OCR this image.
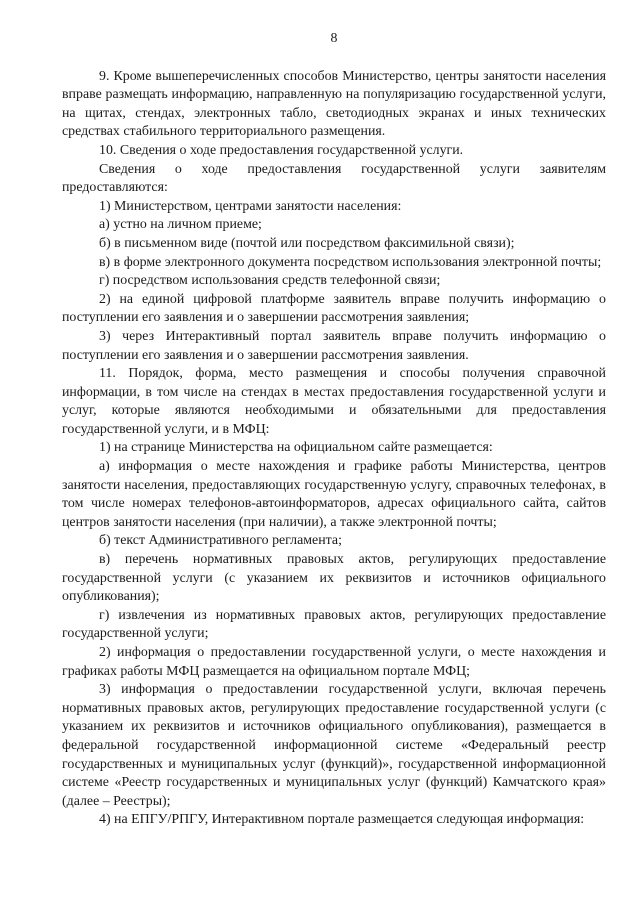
8

9. Кроме вышеперечисленных способов Министерство, центры занятости населения вправе размещать информацию, направленную на популяризацию государственной услуги, на щитах, стендах, электронных табло, светодиодных экранах и иных технических средствах стабильного территориального размещения.

10. Сведения о ходе предоставления государственной услуги.

Сведения о ходе предоставления государственной услуги заявителям предоставляются:

1) Министерством, центрами занятости населения:

а) устно на личном приеме;

б) в письменном виде (почтой или посредством факсимильной связи);

в) в форме электронного документа посредством использования электронной почты;

г) посредством использования средств телефонной связи;

2) на единой цифровой платформе заявитель вправе получить информацию о поступлении его заявления и о завершении рассмотрения заявления;

3) через Интерактивный портал заявитель вправе получить информацию о поступлении его заявления и о завершении рассмотрения заявления.

11. Порядок, форма, место размещения и способы получения справочной информации, в том числе на стендах в местах предоставления государственной услуги и услуг, которые являются необходимыми и обязательными для предоставления государственной услуги, и в МФЦ:

1) на странице Министерства на официальном сайте размещается:

а) информация о месте нахождения и графике работы Министерства, центров занятости населения, предоставляющих государственную услугу, справочных телефонах, в том числе номерах телефонов-автоинформаторов, адресах официального сайта, сайтов центров занятости населения (при наличии), а также электронной почты;

б) текст Административного регламента;

в) перечень нормативных правовых актов, регулирующих предоставление государственной услуги (с указанием их реквизитов и источников официального опубликования);

г) извлечения из нормативных правовых актов, регулирующих предоставление государственной услуги;

2) информация о предоставлении государственной услуги, о месте нахождения и графиках работы МФЦ размещается на официальном портале МФЦ;

3) информация о предоставлении государственной услуги, включая перечень нормативных правовых актов, регулирующих предоставление государственной услуги (с указанием их реквизитов и источников официального опубликования), размещается в федеральной государственной информационной системе «Федеральный реестр государственных и муниципальных услуг (функций)», государственной информационной системе «Реестр государственных и муниципальных услуг (функций) Камчатского края» (далее – Реестры);

4) на ЕПГУ/РПГУ, Интерактивном портале размещается следующая информация:
